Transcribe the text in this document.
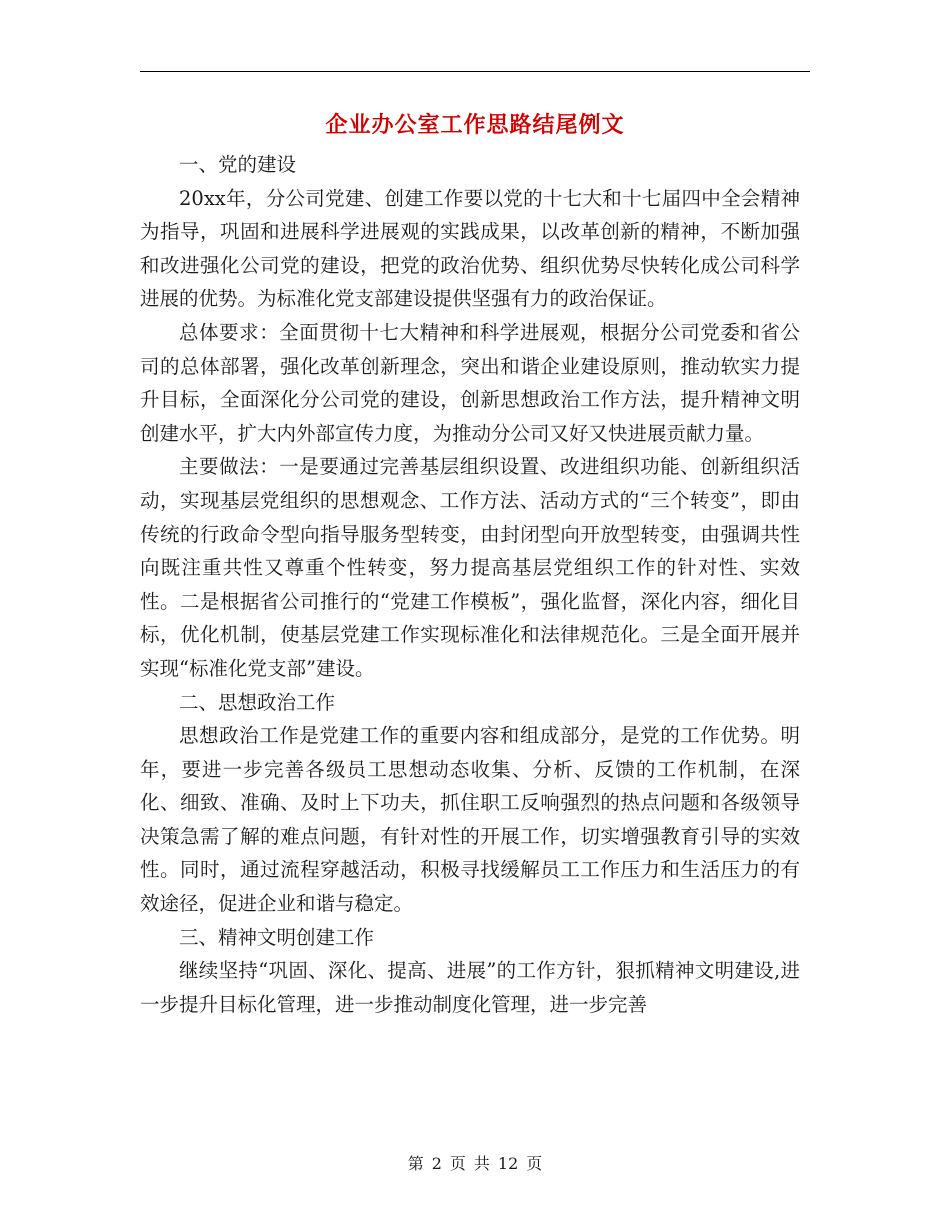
企业办公室工作思路结尾例文

一、党的建设

20xx年，分公司党建、创建工作要以党的十七大和十七届四中全会精神为指导，巩固和进展科学进展观的实践成果，以改革创新的精神，不断加强和改进强化公司党的建设，把党的政治优势、组织优势尽快转化成公司科学进展的优势。为标准化党支部建设提供坚强有力的政治保证。

总体要求：全面贯彻十七大精神和科学进展观，根据分公司党委和省公司的总体部署，强化改革创新理念，突出和谐企业建设原则，推动软实力提升目标，全面深化分公司党的建设，创新思想政治工作方法，提升精神文明创建水平，扩大内外部宣传力度，为推动分公司又好又快进展贡献力量。

主要做法：一是要通过完善基层组织设置、改进组织功能、创新组织活动，实现基层党组织的思想观念、工作方法、活动方式的“三个转变”，即由传统的行政命令型向指导服务型转变，由封闭型向开放型转变，由强调共性向既注重共性又尊重个性转变，努力提高基层党组织工作的针对性、实效性。二是根据省公司推行的“党建工作模板”，强化监督，深化内容，细化目标，优化机制，使基层党建工作实现标准化和法律规范化。三是全面开展并实现“标准化党支部”建设。

二、思想政治工作

思想政治工作是党建工作的重要内容和组成部分，是党的工作优势。明年，要进一步完善各级员工思想动态收集、分析、反馈的工作机制，在深化、细致、准确、及时上下功夫，抓住职工反响强烈的热点问题和各级领导决策急需了解的难点问题，有针对性的开展工作，切实增强教育引导的实效性。同时，通过流程穿越活动，积极寻找缓解员工工作压力和生活压力的有效途径，促进企业和谐与稳定。

三、精神文明创建工作

继续坚持“巩固、深化、提高、进展”的工作方针，狠抓精神文明建设,进一步提升目标化管理，进一步推动制度化管理，进一步完善

第 2 页 共 12 页
